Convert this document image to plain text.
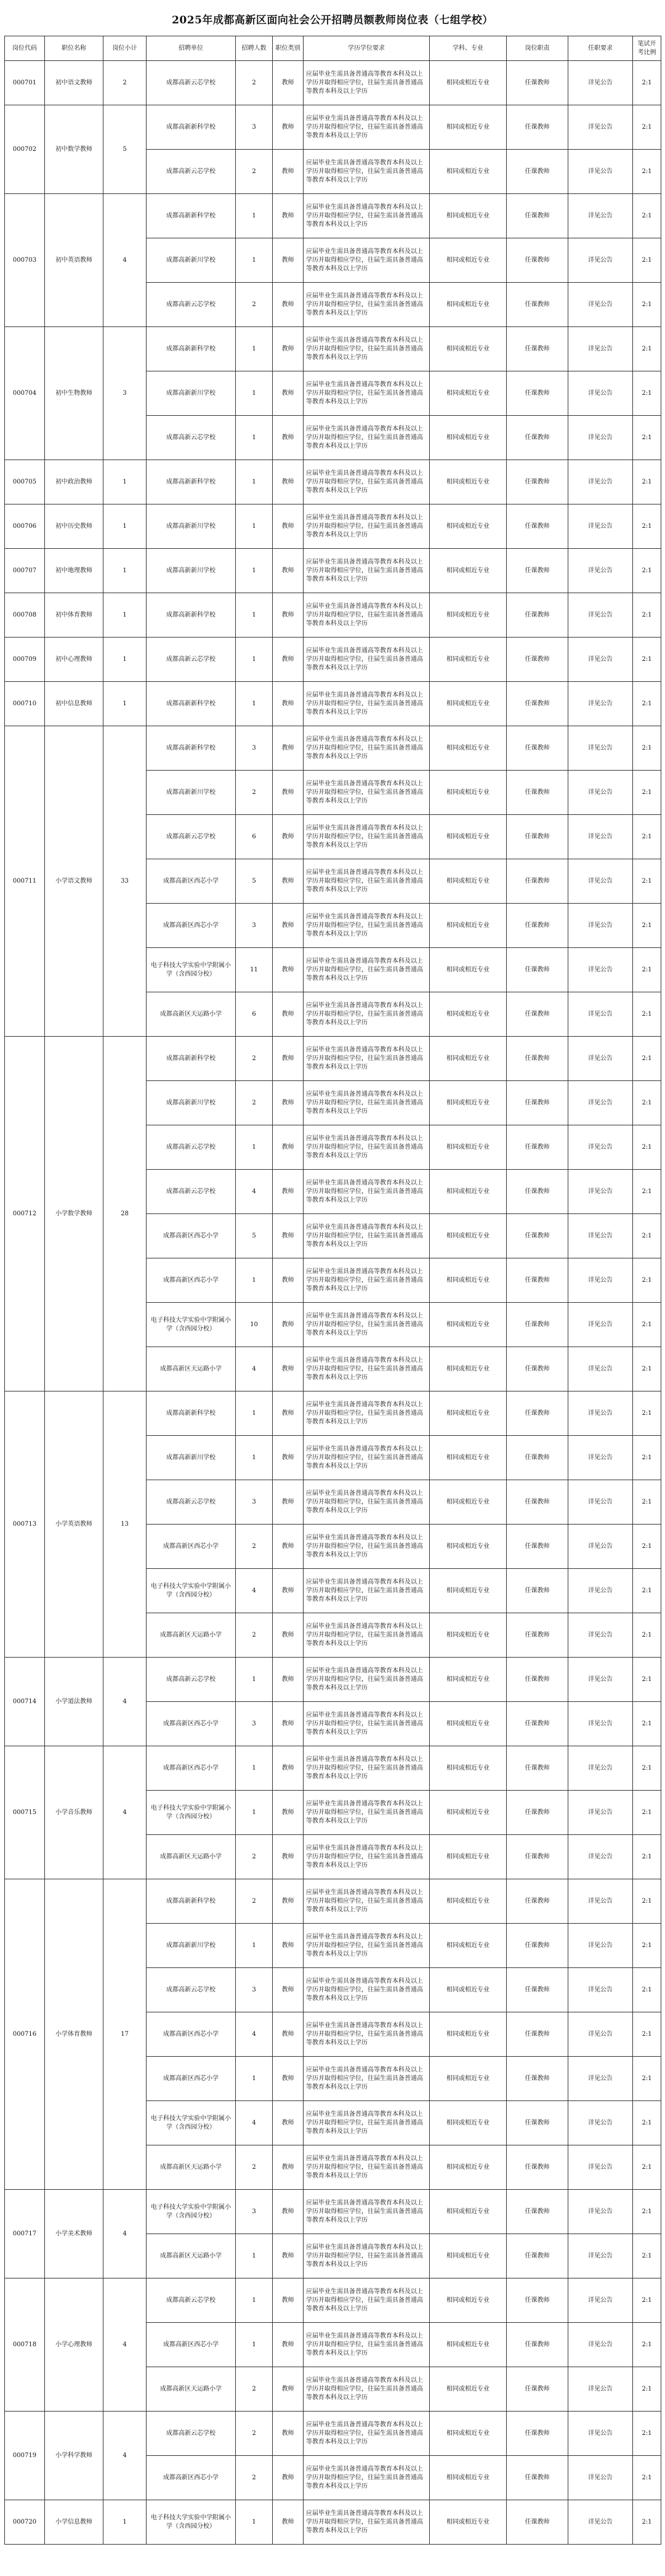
2025年成都高新区面向社会公开招聘员额教师岗位表（七组学校）
岗位代码	职位名称	岗位小计	招聘单位	招聘人数	职位类别	学历学位要求	学科、专业	岗位职责	任职要求	笔试开考比例
000701	初中语文教师	2	成都高新云芯学校	2	教师	应届毕业生需具备普通高等教育本科及以上学历并取得相应学位，往届生需具备普通高等教育本科及以上学历	相同或相近专业	任课教师	详见公告	2:1
000702	初中数学教师	5	成都高新新科学校	3	教师	应届毕业生需具备普通高等教育本科及以上学历并取得相应学位，往届生需具备普通高等教育本科及以上学历	相同或相近专业	任课教师	详见公告	2:1
			成都高新云芯学校	2	教师	应届毕业生需具备普通高等教育本科及以上学历并取得相应学位，往届生需具备普通高等教育本科及以上学历	相同或相近专业	任课教师	详见公告	2:1
000703	初中英语教师	4	成都高新新科学校	1	教师	应届毕业生需具备普通高等教育本科及以上学历并取得相应学位，往届生需具备普通高等教育本科及以上学历	相同或相近专业	任课教师	详见公告	2:1
			成都高新新川学校	1	教师	应届毕业生需具备普通高等教育本科及以上学历并取得相应学位，往届生需具备普通高等教育本科及以上学历	相同或相近专业	任课教师	详见公告	2:1
			成都高新云芯学校	2	教师	应届毕业生需具备普通高等教育本科及以上学历并取得相应学位，往届生需具备普通高等教育本科及以上学历	相同或相近专业	任课教师	详见公告	2:1
000704	初中生物教师	3	成都高新新科学校	1	教师	应届毕业生需具备普通高等教育本科及以上学历并取得相应学位，往届生需具备普通高等教育本科及以上学历	相同或相近专业	任课教师	详见公告	2:1
			成都高新新川学校	1	教师	应届毕业生需具备普通高等教育本科及以上学历并取得相应学位，往届生需具备普通高等教育本科及以上学历	相同或相近专业	任课教师	详见公告	2:1
			成都高新云芯学校	1	教师	应届毕业生需具备普通高等教育本科及以上学历并取得相应学位，往届生需具备普通高等教育本科及以上学历	相同或相近专业	任课教师	详见公告	2:1
000705	初中政治教师	1	成都高新新科学校	1	教师	应届毕业生需具备普通高等教育本科及以上学历并取得相应学位，往届生需具备普通高等教育本科及以上学历	相同或相近专业	任课教师	详见公告	2:1
000706	初中历史教师	1	成都高新新川学校	1	教师	应届毕业生需具备普通高等教育本科及以上学历并取得相应学位，往届生需具备普通高等教育本科及以上学历	相同或相近专业	任课教师	详见公告	2:1
000707	初中地理教师	1	成都高新新川学校	1	教师	应届毕业生需具备普通高等教育本科及以上学历并取得相应学位，往届生需具备普通高等教育本科及以上学历	相同或相近专业	任课教师	详见公告	2:1
000708	初中体育教师	1	成都高新新科学校	1	教师	应届毕业生需具备普通高等教育本科及以上学历并取得相应学位，往届生需具备普通高等教育本科及以上学历	相同或相近专业	任课教师	详见公告	2:1
000709	初中心理教师	1	成都高新云芯学校	1	教师	应届毕业生需具备普通高等教育本科及以上学历并取得相应学位，往届生需具备普通高等教育本科及以上学历	相同或相近专业	任课教师	详见公告	2:1
000710	初中信息教师	1	成都高新新科学校	1	教师	应届毕业生需具备普通高等教育本科及以上学历并取得相应学位，往届生需具备普通高等教育本科及以上学历	相同或相近专业	任课教师	详见公告	2:1
000711	小学语文教师	33	成都高新新科学校	3	教师	应届毕业生需具备普通高等教育本科及以上学历并取得相应学位，往届生需具备普通高等教育本科及以上学历	相同或相近专业	任课教师	详见公告	2:1
			成都高新新川学校	2	教师	应届毕业生需具备普通高等教育本科及以上学历并取得相应学位，往届生需具备普通高等教育本科及以上学历	相同或相近专业	任课教师	详见公告	2:1
			成都高新云芯学校	6	教师	应届毕业生需具备普通高等教育本科及以上学历并取得相应学位，往届生需具备普通高等教育本科及以上学历	相同或相近专业	任课教师	详见公告	2:1
			成都高新区西芯小学	5	教师	应届毕业生需具备普通高等教育本科及以上学历并取得相应学位，往届生需具备普通高等教育本科及以上学历	相同或相近专业	任课教师	详见公告	2:1
			成都高新区西芯小学	3	教师	应届毕业生需具备普通高等教育本科及以上学历并取得相应学位，往届生需具备普通高等教育本科及以上学历	相同或相近专业	任课教师	详见公告	2:1
			电子科技大学实验中学附属小学（含西园分校）	11	教师	应届毕业生需具备普通高等教育本科及以上学历并取得相应学位，往届生需具备普通高等教育本科及以上学历	相同或相近专业	任课教师	详见公告	2:1
			成都高新区天运路小学	6	教师	应届毕业生需具备普通高等教育本科及以上学历并取得相应学位，往届生需具备普通高等教育本科及以上学历	相同或相近专业	任课教师	详见公告	2:1
000712	小学数学教师	28	成都高新新科学校	2	教师	应届毕业生需具备普通高等教育本科及以上学历并取得相应学位，往届生需具备普通高等教育本科及以上学历	相同或相近专业	任课教师	详见公告	2:1
			成都高新新川学校	2	教师	应届毕业生需具备普通高等教育本科及以上学历并取得相应学位，往届生需具备普通高等教育本科及以上学历	相同或相近专业	任课教师	详见公告	2:1
			成都高新云芯学校	1	教师	应届毕业生需具备普通高等教育本科及以上学历并取得相应学位，往届生需具备普通高等教育本科及以上学历	相同或相近专业	任课教师	详见公告	2:1
			成都高新云芯学校	4	教师	应届毕业生需具备普通高等教育本科及以上学历并取得相应学位，往届生需具备普通高等教育本科及以上学历	相同或相近专业	任课教师	详见公告	2:1
			成都高新区西芯小学	5	教师	应届毕业生需具备普通高等教育本科及以上学历并取得相应学位，往届生需具备普通高等教育本科及以上学历	相同或相近专业	任课教师	详见公告	2:1
			成都高新区西芯小学	1	教师	应届毕业生需具备普通高等教育本科及以上学历并取得相应学位，往届生需具备普通高等教育本科及以上学历	相同或相近专业	任课教师	详见公告	2:1
			电子科技大学实验中学附属小学（含西园分校）	10	教师	应届毕业生需具备普通高等教育本科及以上学历并取得相应学位，往届生需具备普通高等教育本科及以上学历	相同或相近专业	任课教师	详见公告	2:1
			成都高新区天运路小学	4	教师	应届毕业生需具备普通高等教育本科及以上学历并取得相应学位，往届生需具备普通高等教育本科及以上学历	相同或相近专业	任课教师	详见公告	2:1
000713	小学英语教师	13	成都高新新科学校	1	教师	应届毕业生需具备普通高等教育本科及以上学历并取得相应学位，往届生需具备普通高等教育本科及以上学历	相同或相近专业	任课教师	详见公告	2:1
			成都高新新川学校	1	教师	应届毕业生需具备普通高等教育本科及以上学历并取得相应学位，往届生需具备普通高等教育本科及以上学历	相同或相近专业	任课教师	详见公告	2:1
			成都高新云芯学校	3	教师	应届毕业生需具备普通高等教育本科及以上学历并取得相应学位，往届生需具备普通高等教育本科及以上学历	相同或相近专业	任课教师	详见公告	2:1
			成都高新区西芯小学	2	教师	应届毕业生需具备普通高等教育本科及以上学历并取得相应学位，往届生需具备普通高等教育本科及以上学历	相同或相近专业	任课教师	详见公告	2:1
			电子科技大学实验中学附属小学（含西园分校）	4	教师	应届毕业生需具备普通高等教育本科及以上学历并取得相应学位，往届生需具备普通高等教育本科及以上学历	相同或相近专业	任课教师	详见公告	2:1
			成都高新区天运路小学	2	教师	应届毕业生需具备普通高等教育本科及以上学历并取得相应学位，往届生需具备普通高等教育本科及以上学历	相同或相近专业	任课教师	详见公告	2:1
000714	小学道法教师	4	成都高新云芯学校	1	教师	应届毕业生需具备普通高等教育本科及以上学历并取得相应学位，往届生需具备普通高等教育本科及以上学历	相同或相近专业	任课教师	详见公告	2:1
			成都高新区西芯小学	3	教师	应届毕业生需具备普通高等教育本科及以上学历并取得相应学位，往届生需具备普通高等教育本科及以上学历	相同或相近专业	任课教师	详见公告	2:1
000715	小学音乐教师	4	成都高新区西芯小学	1	教师	应届毕业生需具备普通高等教育本科及以上学历并取得相应学位，往届生需具备普通高等教育本科及以上学历	相同或相近专业	任课教师	详见公告	2:1
			电子科技大学实验中学附属小学（含西园分校）	1	教师	应届毕业生需具备普通高等教育本科及以上学历并取得相应学位，往届生需具备普通高等教育本科及以上学历	相同或相近专业	任课教师	详见公告	2:1
			成都高新区天运路小学	2	教师	应届毕业生需具备普通高等教育本科及以上学历并取得相应学位，往届生需具备普通高等教育本科及以上学历	相同或相近专业	任课教师	详见公告	2:1
000716	小学体育教师	17	成都高新新科学校	2	教师	应届毕业生需具备普通高等教育本科及以上学历并取得相应学位，往届生需具备普通高等教育本科及以上学历	相同或相近专业	任课教师	详见公告	2:1
			成都高新新川学校	1	教师	应届毕业生需具备普通高等教育本科及以上学历并取得相应学位，往届生需具备普通高等教育本科及以上学历	相同或相近专业	任课教师	详见公告	2:1
			成都高新云芯学校	3	教师	应届毕业生需具备普通高等教育本科及以上学历并取得相应学位，往届生需具备普通高等教育本科及以上学历	相同或相近专业	任课教师	详见公告	2:1
			成都高新区西芯小学	4	教师	应届毕业生需具备普通高等教育本科及以上学历并取得相应学位，往届生需具备普通高等教育本科及以上学历	相同或相近专业	任课教师	详见公告	2:1
			成都高新区西芯小学	1	教师	应届毕业生需具备普通高等教育本科及以上学历并取得相应学位，往届生需具备普通高等教育本科及以上学历	相同或相近专业	任课教师	详见公告	2:1
			电子科技大学实验中学附属小学（含西园分校）	4	教师	应届毕业生需具备普通高等教育本科及以上学历并取得相应学位，往届生需具备普通高等教育本科及以上学历	相同或相近专业	任课教师	详见公告	2:1
			成都高新区天运路小学	2	教师	应届毕业生需具备普通高等教育本科及以上学历并取得相应学位，往届生需具备普通高等教育本科及以上学历	相同或相近专业	任课教师	详见公告	2:1
000717	小学美术教师	4	电子科技大学实验中学附属小学（含西园分校）	3	教师	应届毕业生需具备普通高等教育本科及以上学历并取得相应学位，往届生需具备普通高等教育本科及以上学历	相同或相近专业	任课教师	详见公告	2:1
			成都高新区天运路小学	1	教师	应届毕业生需具备普通高等教育本科及以上学历并取得相应学位，往届生需具备普通高等教育本科及以上学历	相同或相近专业	任课教师	详见公告	2:1
000718	小学心理教师	4	成都高新云芯学校	1	教师	应届毕业生需具备普通高等教育本科及以上学历并取得相应学位，往届生需具备普通高等教育本科及以上学历	相同或相近专业	任课教师	详见公告	2:1
			成都高新区西芯小学	1	教师	应届毕业生需具备普通高等教育本科及以上学历并取得相应学位，往届生需具备普通高等教育本科及以上学历	相同或相近专业	任课教师	详见公告	2:1
			成都高新区天运路小学	2	教师	应届毕业生需具备普通高等教育本科及以上学历并取得相应学位，往届生需具备普通高等教育本科及以上学历	相同或相近专业	任课教师	详见公告	2:1
000719	小学科学教师	4	成都高新云芯学校	2	教师	应届毕业生需具备普通高等教育本科及以上学历并取得相应学位，往届生需具备普通高等教育本科及以上学历	相同或相近专业	任课教师	详见公告	2:1
			成都高新区西芯小学	2	教师	应届毕业生需具备普通高等教育本科及以上学历并取得相应学位，往届生需具备普通高等教育本科及以上学历	相同或相近专业	任课教师	详见公告	2:1
000720	小学信息教师	1	电子科技大学实验中学附属小学（含西园分校）	1	教师	应届毕业生需具备普通高等教育本科及以上学历并取得相应学位，往届生需具备普通高等教育本科及以上学历	相同或相近专业	任课教师	详见公告	2:1
